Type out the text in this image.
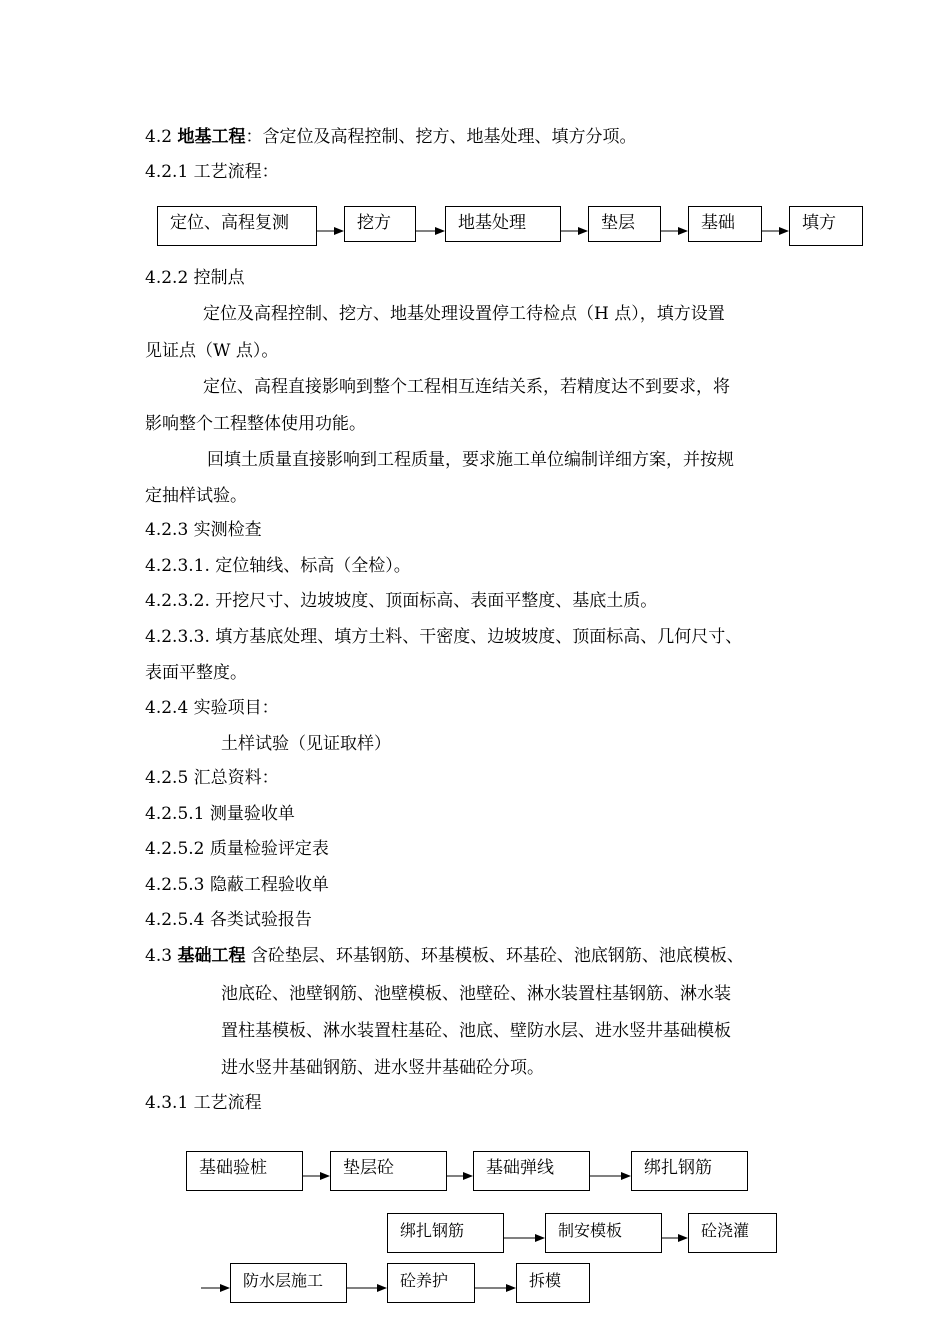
4.2 地基工程：含定位及高程控制、挖方、地基处理、填方分项。
4.2.1 工艺流程：
定位、高程复测	挖方	地基处理	垫层	基础	填方
4.2.2 控制点
定位及高程控制、挖方、地基处理设置停工待检点（H 点），填方设置
见证点（W 点）。
定位、高程直接影响到整个工程相互连结关系，若精度达不到要求，将
影响整个工程整体使用功能。
回填土质量直接影响到工程质量，要求施工单位编制详细方案，并按规
定抽样试验。
4.2.3 实测检查
4.2.3.1. 定位轴线、标高（全检）。
4.2.3.2. 开挖尺寸、边坡坡度、顶面标高、表面平整度、基底土质。
4.2.3.3. 填方基底处理、填方土料、干密度、边坡坡度、顶面标高、几何尺寸、
表面平整度。
4.2.4 实验项目：
土样试验（见证取样）
4.2.5 汇总资料：
4.2.5.1 测量验收单
4.2.5.2 质量检验评定表
4.2.5.3 隐蔽工程验收单
4.2.5.4 各类试验报告
4.3 基础工程 含砼垫层、环基钢筋、环基模板、环基砼、池底钢筋、池底模板、
池底砼、池壁钢筋、池壁模板、池壁砼、淋水装置柱基钢筋、淋水装
置柱基模板、淋水装置柱基砼、池底、壁防水层、进水竖井基础模板
进水竖井基础钢筋、进水竖井基础砼分项。
4.3.1 工艺流程
基础验桩	垫层砼	基础弹线	绑扎钢筋
绑扎钢筋	制安模板	砼浇灌
防水层施工	砼养护	拆模
